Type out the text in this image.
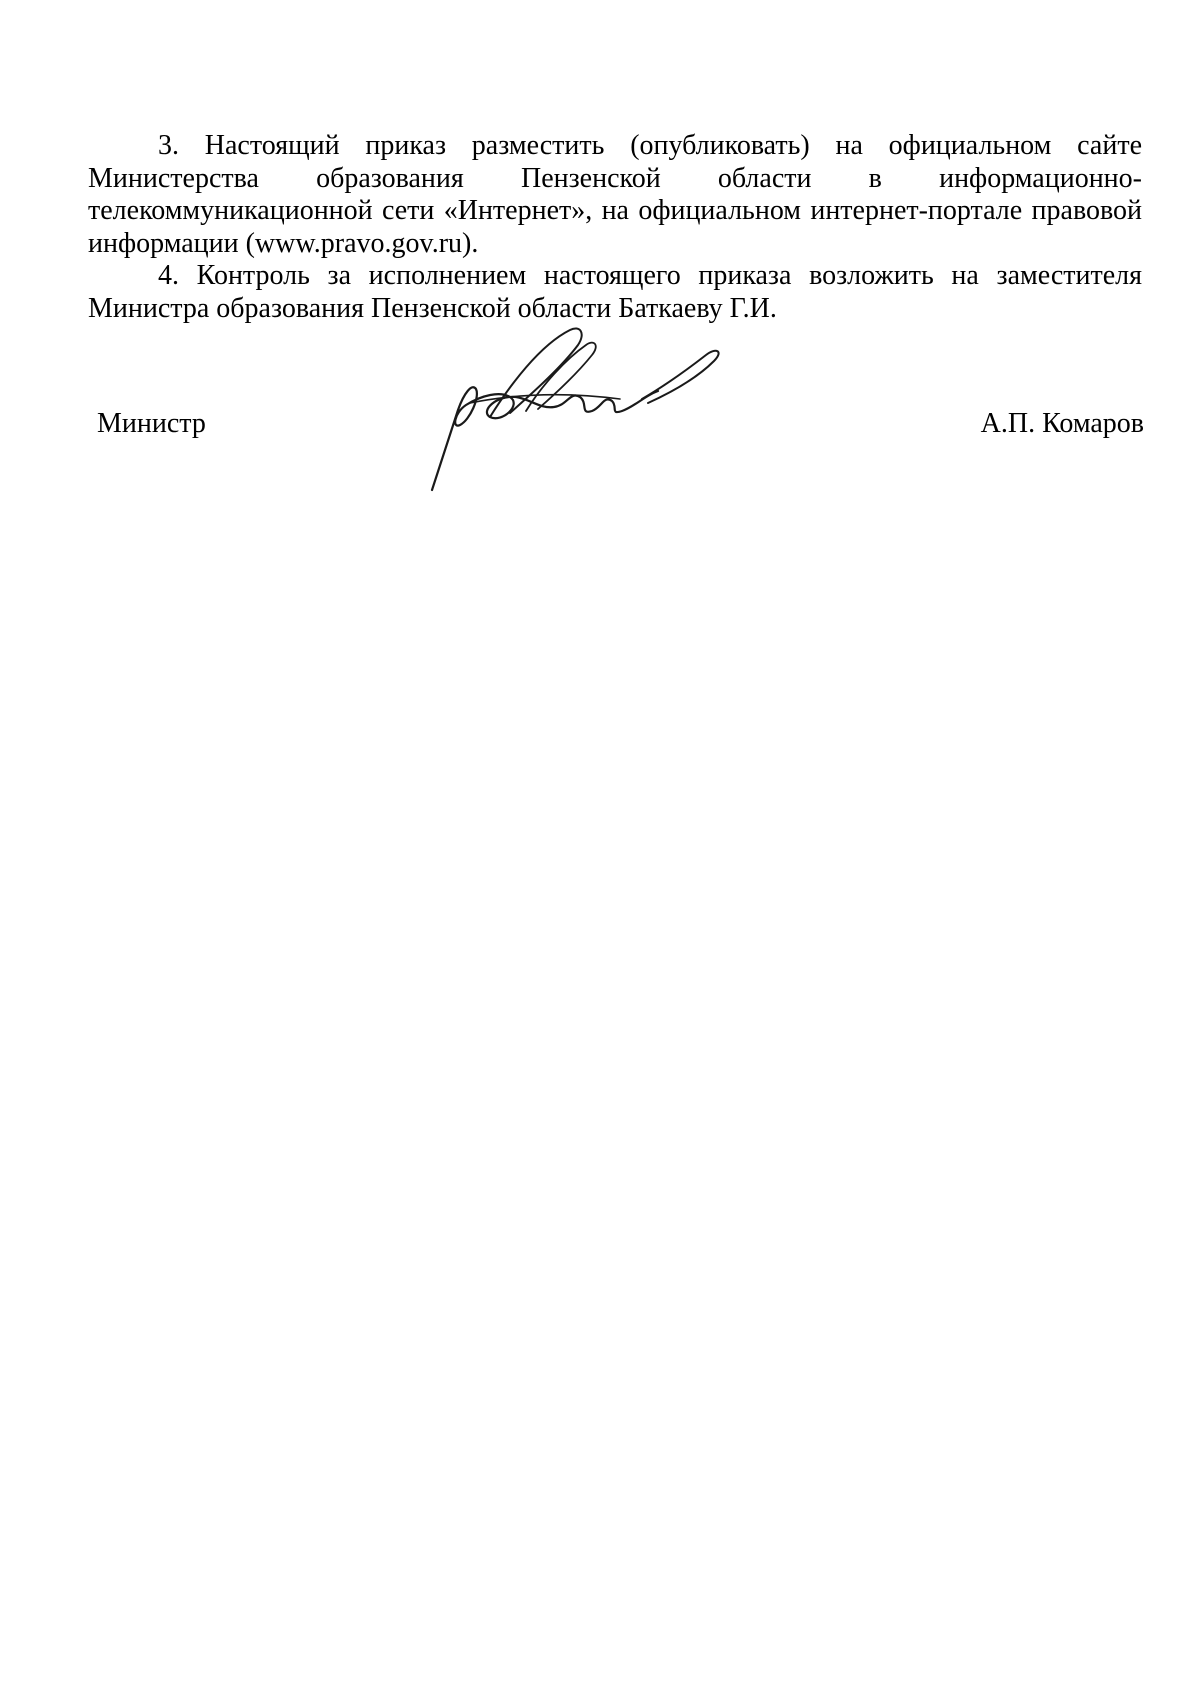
3. Настоящий приказ разместить (опубликовать) на официальном сайте Министерства образования Пензенской области в информационно-телекоммуникационной сети «Интернет», на официальном интернет-портале правовой информации (www.pravo.gov.ru).

4. Контроль за исполнением настоящего приказа возложить на заместителя Министра образования Пензенской области Баткаеву Г.И.

Министр	А.П. Комаров
